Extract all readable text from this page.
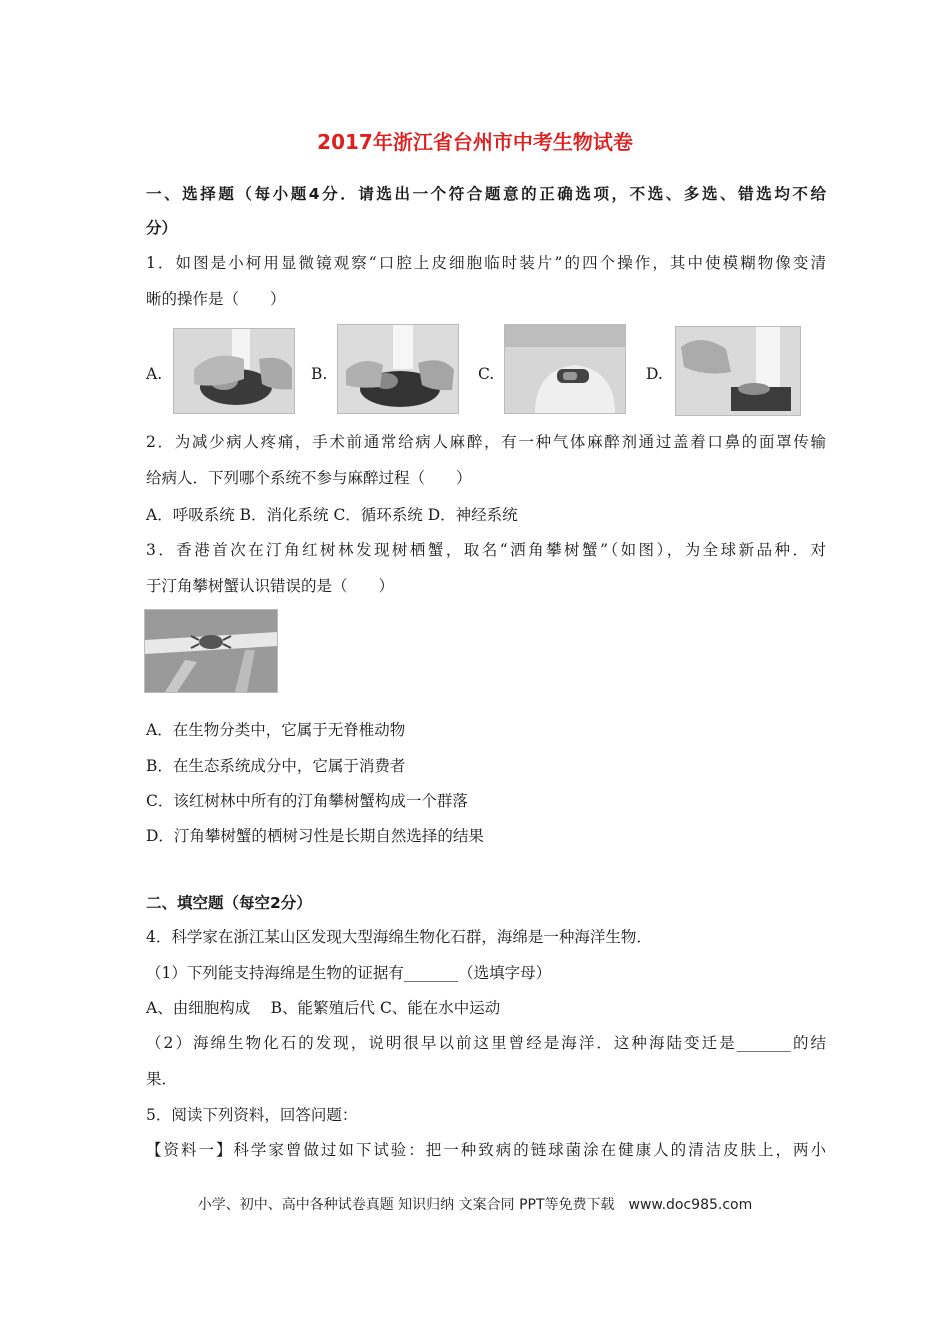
2017年浙江省台州市中考生物试卷
一、选择题（每小题4分．请选出一个符合题意的正确选项，不选、多选、错选均不给
分）
1．如图是小柯用显微镜观察“口腔上皮细胞临时装片”的四个操作，其中使模糊物像变清
晰的操作是（　　）
A.	B.	C.	D.
2．为减少病人疼痛，手术前通常给病人麻醉，有一种气体麻醉剂通过盖着口鼻的面罩传输
给病人．下列哪个系统不参与麻醉过程（　　）
A．呼吸系统 B．消化系统 C．循环系统 D．神经系统
3．香港首次在汀角红树林发现树栖蟹，取名“洒角攀树蟹”（如图），为全球新品种．对
于汀角攀树蟹认识错误的是（　　）
A．在生物分类中，它属于无脊椎动物
B．在生态系统成分中，它属于消费者
C．该红树林中所有的汀角攀树蟹构成一个群落
D．汀角攀树蟹的栖树习性是长期自然选择的结果
二、填空题（每空2分）
4．科学家在浙江某山区发现大型海绵生物化石群，海绵是一种海洋生物．
（1）下列能支持海绵是生物的证据有_______（选填字母）
A、由细胞构成　 B、能繁殖后代 C、能在水中运动
（2）海绵生物化石的发现，说明很早以前这里曾经是海洋．这种海陆变迁是_______的结
果．
5．阅读下列资料，回答问题：
【资料一】科学家曾做过如下试验：把一种致病的链球菌涂在健康人的清洁皮肤上，两小
小学、初中、高中各种试卷真题 知识归纳 文案合同 PPT等免费下载　www.doc985.com
